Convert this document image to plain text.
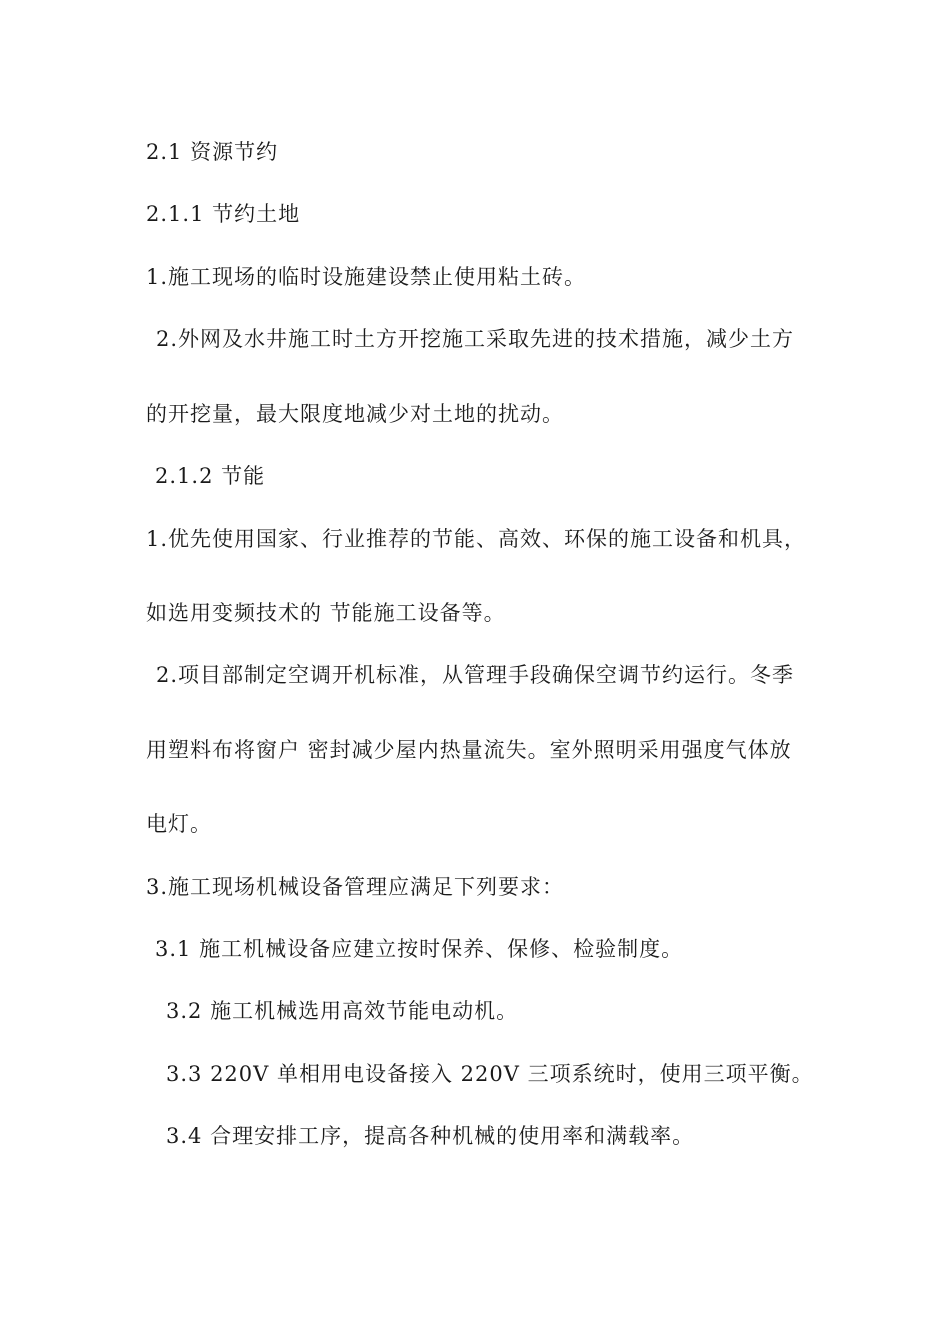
2.1 资源节约
2.1.1 节约土地
1.施工现场的临时设施建设禁止使用粘土砖。
2.外网及水井施工时土方开挖施工采取先进的技术措施，减少土方
的开挖量，最大限度地减少对土地的扰动。
2.1.2 节能
1.优先使用国家、行业推荐的节能、高效、环保的施工设备和机具，
如选用变频技术的 节能施工设备等。
2.项目部制定空调开机标准，从管理手段确保空调节约运行。冬季
用塑料布将窗户 密封减少屋内热量流失。室外照明采用强度气体放
电灯。
3.施工现场机械设备管理应满足下列要求：
3.1 施工机械设备应建立按时保养、保修、检验制度。
3.2 施工机械选用高效节能电动机。
3.3 220V 单相用电设备接入 220V 三项系统时，使用三项平衡。
3.4 合理安排工序，提高各种机械的使用率和满载率。
